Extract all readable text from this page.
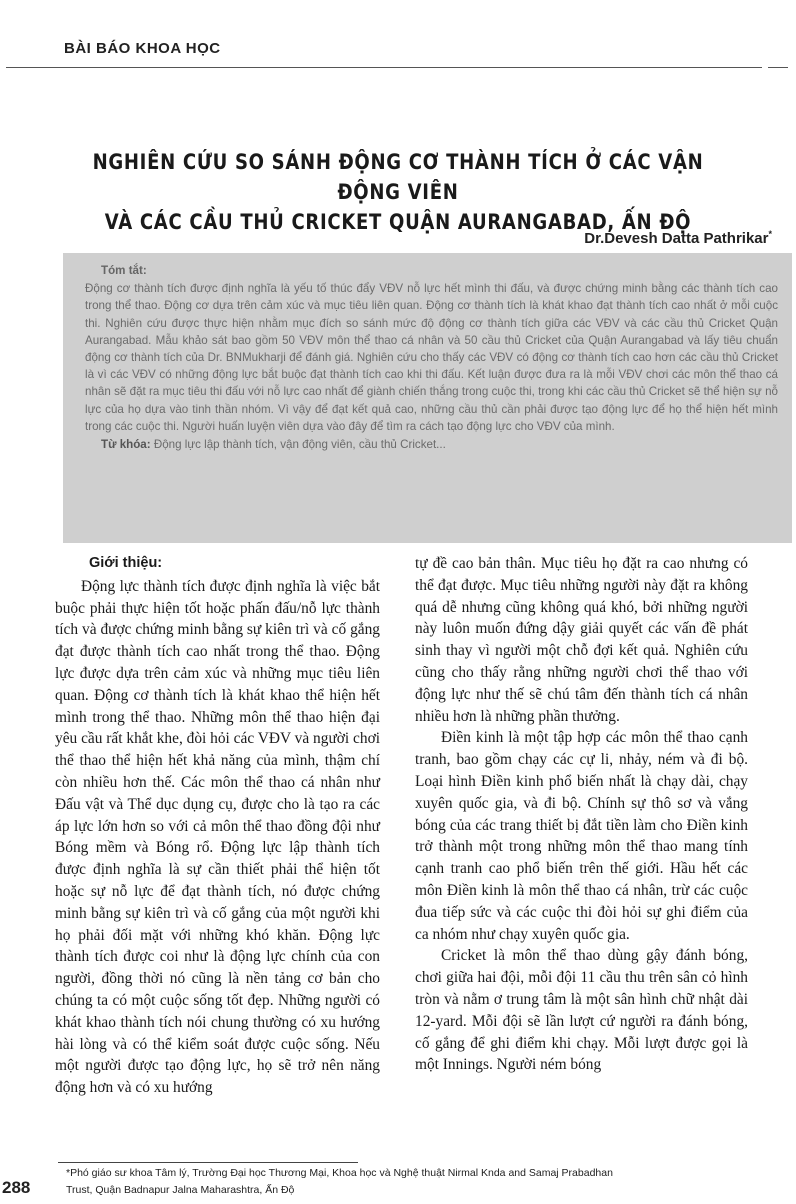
BÀI BÁO KHOA HỌC
NGHIÊN CỨU SO SÁNH ĐỘNG CƠ THÀNH TÍCH Ở CÁC VẬN ĐỘNG VIÊN
VÀ CÁC CẦU THỦ CRICKET QUẬN AURANGABAD, ẤN ĐỘ
Dr.Devesh Datta Pathrikar*
Tóm tắt:

Động cơ thành tích được định nghĩa là yếu tố thúc đẩy VĐV nỗ lực hết mình thi đấu, và được chứng minh bằng các thành tích cao trong thể thao. Động cơ dựa trên cảm xúc và mục tiêu liên quan. Động cơ thành tích là khát khao đạt thành tích cao nhất ở mỗi cuộc thi. Nghiên cứu được thực hiện nhằm mục đích so sánh mức độ động cơ thành tích giữa các VĐV và các cầu thủ Cricket Quận Aurangabad. Mẫu khảo sát bao gồm 50 VĐV môn thể thao cá nhân và 50 cầu thủ Cricket của Quận Aurangabad và lấy tiêu chuẩn động cơ thành tích của Dr. BNMukharji để đánh giá. Nghiên cứu cho thấy các VĐV có động cơ thành tích cao hơn các cầu thủ Cricket là vì các VĐV có những động lực bắt buộc đạt thành tích cao khi thi đấu. Kết luận được đưa ra là mỗi VĐV chơi các môn thể thao cá nhân sẽ đặt ra mục tiêu thi đấu với nỗ lực cao nhất để giành chiến thắng trong cuộc thi, trong khi các cầu thủ Cricket sẽ thể hiện sự nỗ lực của họ dựa vào tinh thần nhóm. Vì vậy để đạt kết quả cao, những cầu thủ cần phải được tạo động lực để họ thể hiện hết mình trong các cuộc thi. Người huấn luyện viên dựa vào đây để tìm ra cách tạo động lực cho VĐV của mình.

Từ khóa: Động lực lập thành tích, vận động viên, cầu thủ Cricket...
Giới thiệu:

Động lực thành tích được định nghĩa là việc bắt buộc phải thực hiện tốt hoặc phấn đấu/nỗ lực thành tích và được chứng minh bằng sự kiên trì và cố gắng đạt được thành tích cao nhất trong thể thao. Động lực được dựa trên cảm xúc và những mục tiêu liên quan. Động cơ thành tích là khát khao thể hiện hết mình trong thể thao. Những môn thể thao hiện đại yêu cầu rất khắt khe, đòi hỏi các VĐV và người chơi thể thao thể hiện hết khả năng của mình, thậm chí còn nhiều hơn thế. Các môn thể thao cá nhân như Đấu vật và Thể dục dụng cụ, được cho là tạo ra các áp lực lớn hơn so với cả môn thể thao đồng đội như Bóng mềm và Bóng rổ. Động lực lập thành tích được định nghĩa là sự cần thiết phải thể hiện tốt hoặc sự nỗ lực để đạt thành tích, nó được chứng minh bằng sự kiên trì và cố gắng của một người khi họ phải đối mặt với những khó khăn. Động lực thành tích được coi như là động lực chính của con người, đồng thời nó cũng là nền tảng cơ bản cho chúng ta có một cuộc sống tốt đẹp. Những người có khát khao thành tích nói chung thường có xu hướng hài lòng và có thể kiểm soát được cuộc sống. Nếu một người được tạo động lực, họ sẽ trở nên năng động hơn và có xu hướng

tự đề cao bản thân. Mục tiêu họ đặt ra cao nhưng có thể đạt được. Mục tiêu những người này đặt ra không quá dễ nhưng cũng không quá khó, bởi những người này luôn muốn đứng dậy giải quyết các vấn đề phát sinh thay vì người một chỗ đợi kết quả. Nghiên cứu cũng cho thấy rằng những người chơi thể thao với động lực như thế sẽ chú tâm đến thành tích cá nhân nhiều hơn là những phần thưởng.

Điền kinh là một tập hợp các môn thể thao cạnh tranh, bao gồm chạy các cự li, nhảy, ném và đi bộ. Loại hình Điền kinh phổ biến nhất là chạy dài, chạy xuyên quốc gia, và đi bộ. Chính sự thô sơ và vắng bóng của các trang thiết bị đắt tiền làm cho Điền kinh trở thành một trong những môn thể thao mang tính cạnh tranh cao phổ biến trên thế giới. Hầu hết các môn Điền kinh là môn thể thao cá nhân, trừ các cuộc đua tiếp sức và các cuộc thi đòi hỏi sự ghi điểm của ca nhóm như chạy xuyên quốc gia.

Cricket là môn thể thao dùng gậy đánh bóng, chơi giữa hai đội, mỗi đội 11 cầu thu trên sân cỏ hình tròn và nằm ơ trung tâm là một sân hình chữ nhật dài 12-yard. Mỗi đội sẽ lần lượt cứ người ra đánh bóng, cố gắng để ghi điểm khi chạy. Mỗi lượt được gọi là một Innings. Người ném bóng

*Phó giáo sư khoa Tâm lý, Trường Đại học Thương Mại, Khoa học và Nghệ thuật Nirmal Knda and Samaj Prabadhan
Trust, Quận Badnapur Jalna Maharashtra, Ấn Độ
288
